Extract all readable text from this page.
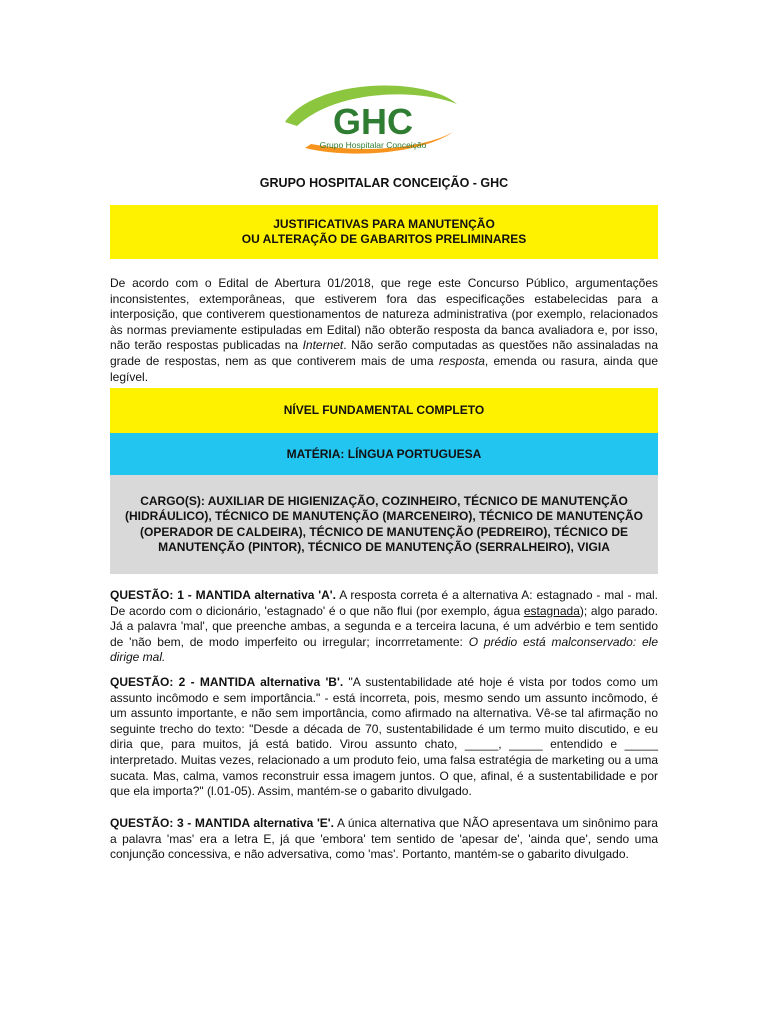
GHC
Grupo Hospitalar Conceição
GRUPO HOSPITALAR CONCEIÇÃO - GHC
JUSTIFICATIVAS PARA MANUTENÇÃO
OU ALTERAÇÃO DE GABARITOS PRELIMINARES
De acordo com o Edital de Abertura 01/2018, que rege este Concurso Público, argumentações inconsistentes, extemporâneas, que estiverem fora das especificações estabelecidas para a interposição, que contiverem questionamentos de natureza administrativa (por exemplo, relacionados às normas previamente estipuladas em Edital) não obterão resposta da banca avaliadora e, por isso, não terão respostas publicadas na Internet. Não serão computadas as questões não assinaladas na grade de respostas, nem as que contiverem mais de uma resposta, emenda ou rasura, ainda que legível.
NÍVEL FUNDAMENTAL COMPLETO
MATÉRIA: LÍNGUA PORTUGUESA
CARGO(S): AUXILIAR DE HIGIENIZAÇÃO, COZINHEIRO, TÉCNICO DE MANUTENÇÃO (HIDRÁULICO), TÉCNICO DE MANUTENÇÃO (MARCENEIRO), TÉCNICO DE MANUTENÇÃO (OPERADOR DE CALDEIRA), TÉCNICO DE MANUTENÇÃO (PEDREIRO), TÉCNICO DE MANUTENÇÃO (PINTOR), TÉCNICO DE MANUTENÇÃO (SERRALHEIRO), VIGIA
QUESTÃO: 1 - MANTIDA alternativa 'A'. A resposta correta é a alternativa A: estagnado - mal - mal. De acordo com o dicionário, 'estagnado' é o que não flui (por exemplo, água estagnada); algo parado. Já a palavra 'mal', que preenche ambas, a segunda e a terceira lacuna, é um advérbio e tem sentido de 'não bem, de modo imperfeito ou irregular; incorrretamente: O prédio está malconservado: ele dirige mal.
QUESTÃO: 2 - MANTIDA alternativa 'B'. "A sustentabilidade até hoje é vista por todos como um assunto incômodo e sem importância." - está incorreta, pois, mesmo sendo um assunto incômodo, é um assunto importante, e não sem importância, como afirmado na alternativa. Vê-se tal afirmação no seguinte trecho do texto: "Desde a década de 70, sustentabilidade é um termo muito discutido, e eu diria que, para muitos, já está batido. Virou assunto chato, _____, _____ entendido e _____ interpretado. Muitas vezes, relacionado a um produto feio, uma falsa estratégia de marketing ou a uma sucata. Mas, calma, vamos reconstruir essa imagem juntos. O que, afinal, é a sustentabilidade e por que ela importa?" (l.01-05). Assim, mantém-se o gabarito divulgado.
QUESTÃO: 3 - MANTIDA alternativa 'E'. A única alternativa que NÃO apresentava um sinônimo para a palavra 'mas' era a letra E, já que 'embora' tem sentido de 'apesar de', 'ainda que', sendo uma conjunção concessiva, e não adversativa, como 'mas'. Portanto, mantém-se o gabarito divulgado.
